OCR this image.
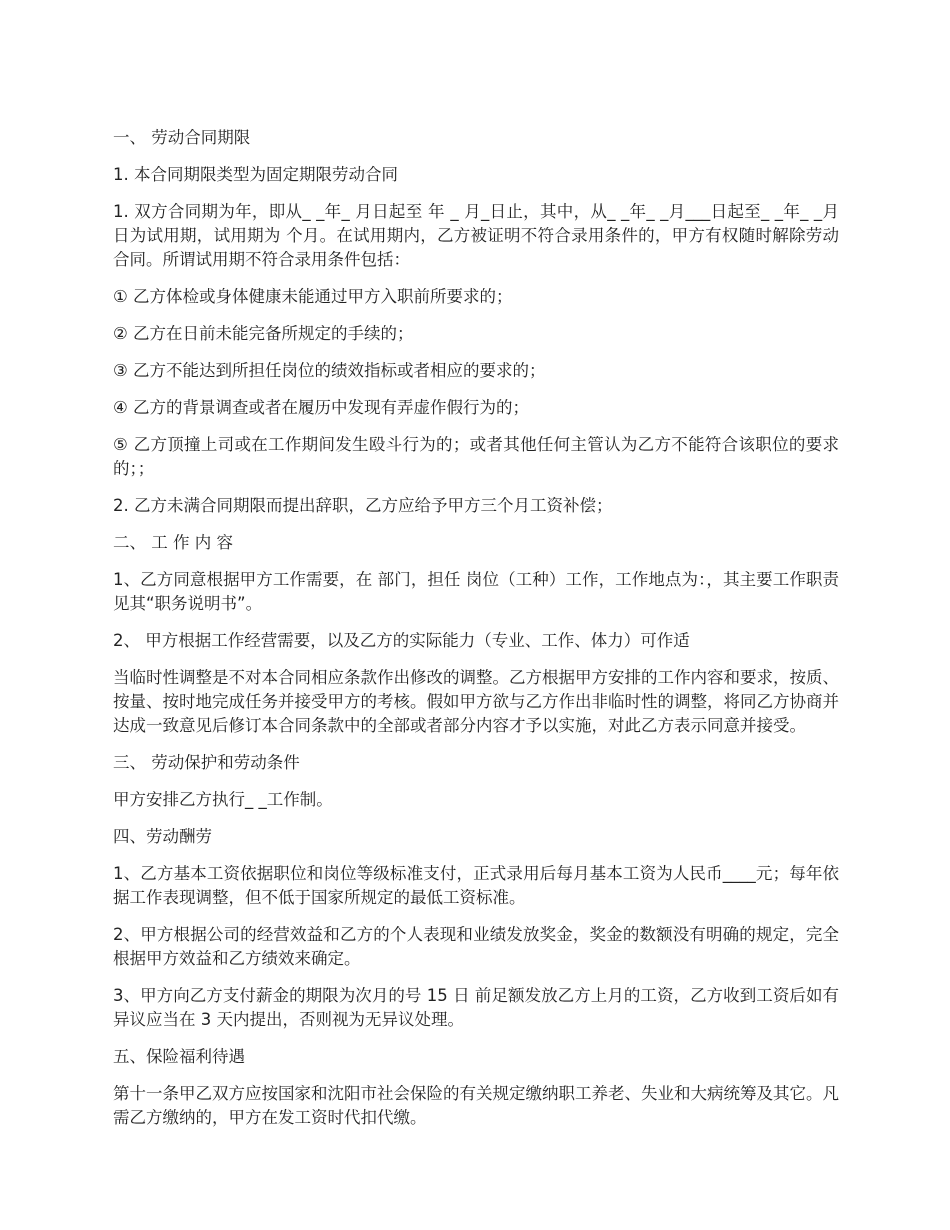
一、 劳动合同期限
1. 本合同期限类型为固定期限劳动合同
1. 双方合同期为年，即从_ _年_ 月日起至 年 _ 月_日止，其中，从_ _年_ _月___日起至_ _年_ _月 日为试用期，试用期为 个月。在试用期内，乙方被证明不符合录用条件的，甲方有权随时解除劳动合同。所谓试用期不符合录用条件包括：
① 乙方体检或身体健康未能通过甲方入职前所要求的；
② 乙方在日前未能完备所规定的手续的；
③ 乙方不能达到所担任岗位的绩效指标或者相应的要求的；
④ 乙方的背景调查或者在履历中发现有弄虚作假行为的；
⑤ 乙方顶撞上司或在工作期间发生殴斗行为的；或者其他任何主管认为乙方不能符合该职位的要求的；；
2. 乙方未满合同期限而提出辞职，乙方应给予甲方三个月工资补偿；
二、 工 作 内 容
1、乙方同意根据甲方工作需要，在 部门，担任 岗位（工种）工作，工作地点为：，其主要工作职责见其“职务说明书”。
2、 甲方根据工作经营需要，以及乙方的实际能力（专业、工作、体力）可作适
当临时性调整是不对本合同相应条款作出修改的调整。乙方根据甲方安排的工作内容和要求，按质、按量、按时地完成任务并接受甲方的考核。假如甲方欲与乙方作出非临时性的调整，将同乙方协商并达成一致意见后修订本合同条款中的全部或者部分内容才予以实施，对此乙方表示同意并接受。
三、 劳动保护和劳动条件
甲方安排乙方执行_ _工作制。
四、劳动酬劳
1、乙方基本工资依据职位和岗位等级标准支付，正式录用后每月基本工资为人民币____元；每年依据工作表现调整，但不低于国家所规定的最低工资标准。
2、甲方根据公司的经营效益和乙方的个人表现和业绩发放奖金，奖金的数额没有明确的规定，完全根据甲方效益和乙方绩效来确定。
3、甲方向乙方支付薪金的期限为次月的号 15 日 前足额发放乙方上月的工资，乙方收到工资后如有异议应当在 3 天内提出，否则视为无异议处理。
五、保险福利待遇
第十一条甲乙双方应按国家和沈阳市社会保险的有关规定缴纳职工养老、失业和大病统筹及其它。凡需乙方缴纳的，甲方在发工资时代扣代缴。
